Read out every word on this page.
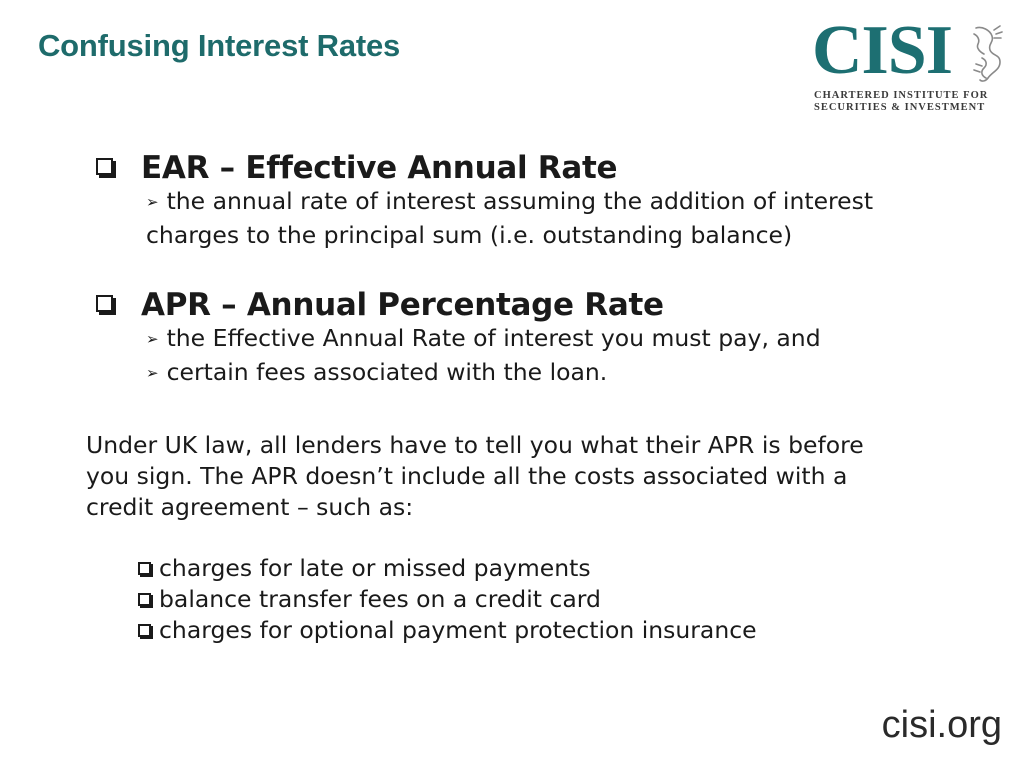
Confusing Interest Rates	CISI
CHARTERED INSTITUTE FOR
SECURITIES & INVESTMENT
EAR – Effective Annual Rate
➢ the annual rate of interest assuming the addition of interest
charges to the principal sum (i.e. outstanding balance)
APR – Annual Percentage Rate
➢ the Effective Annual Rate of interest you must pay, and
➢ certain fees associated with the loan.
Under UK law, all lenders have to tell you what their APR is before
you sign. The APR doesn’t include all the costs associated with a
credit agreement – such as:
charges for late or missed payments
balance transfer fees on a credit card
charges for optional payment protection insurance
cisi.org
